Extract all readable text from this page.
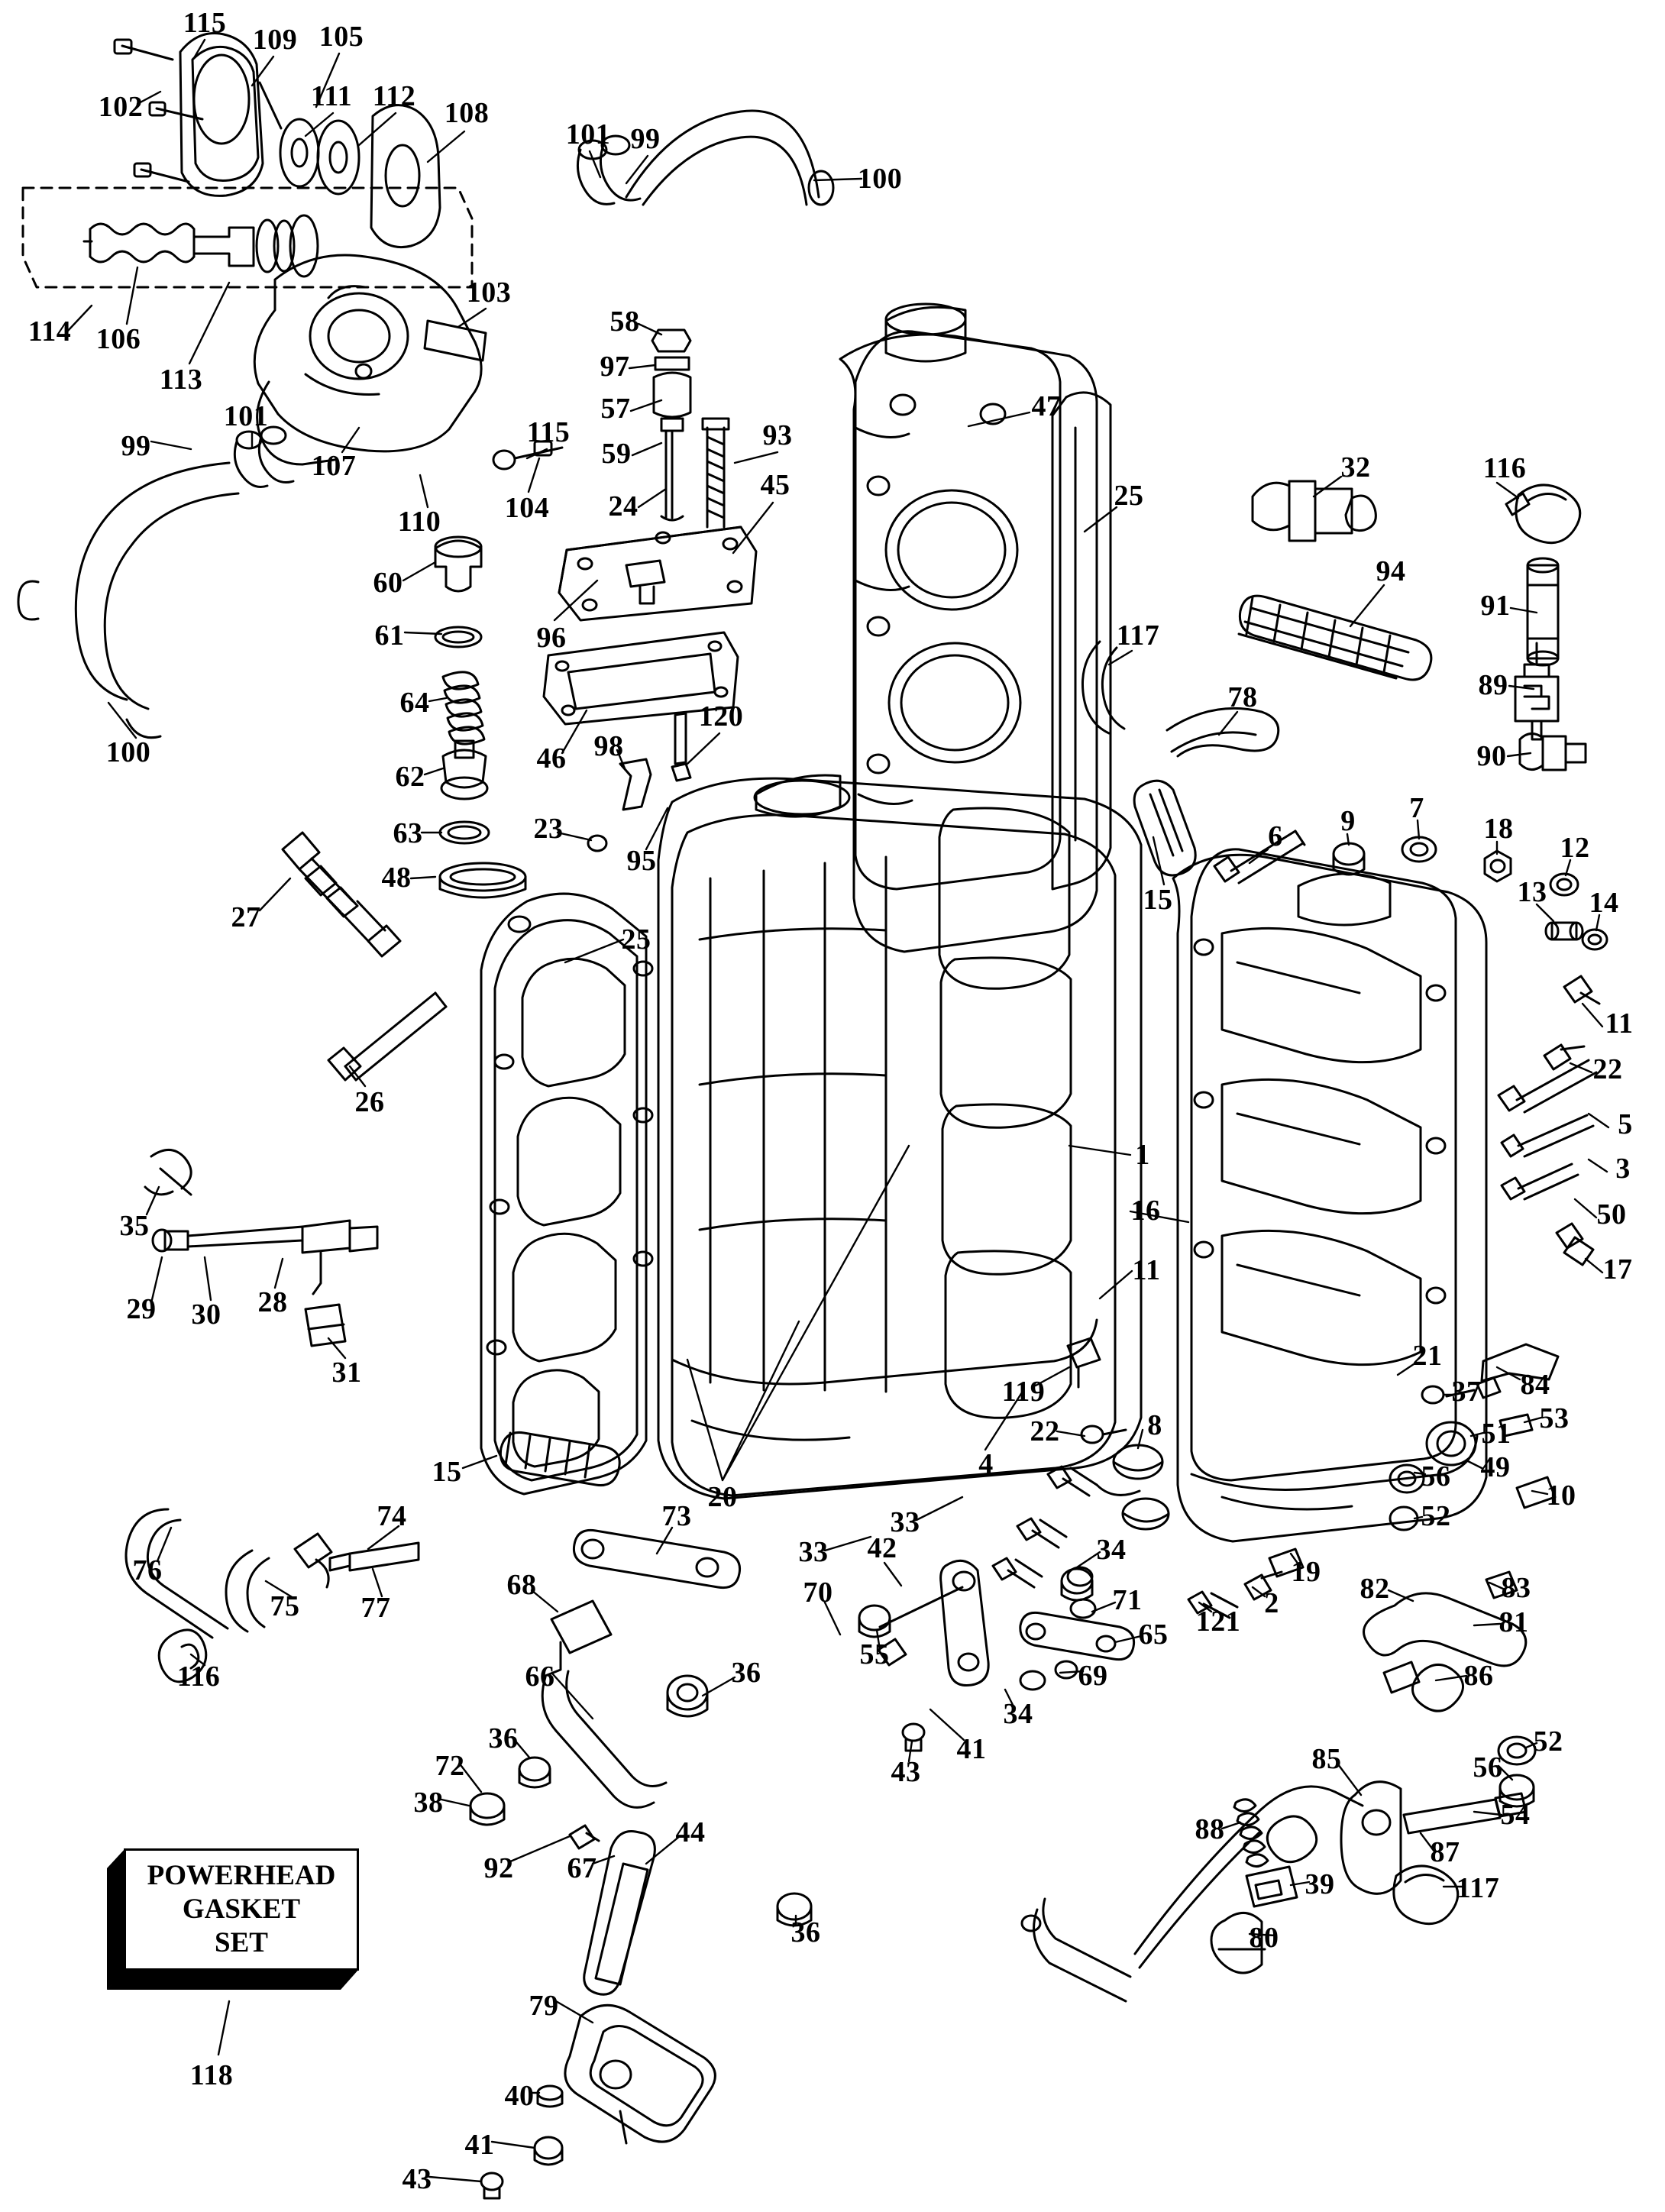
POWERHEAD
GASKET
SET
115
109 105
102	111 112
108
101 99
100
103
114 106
113
115
58
97
57
59
24
93
45
47
25
32	116
94
91
89
90
99
101
107
110 104
100
60
61	96
64
46 98
120
62
63	23
95
117
78
15
6 9 7
18
12
13 14
11
22
5
3
50
17
27
48
25
26
35
29 30 28
31
1
16
11
119
22	8
21
84
37
53
51
49
56
52
10
15
20
4
33
33 42
70
34
71
65 121
2
19
82	83
81
86
52
56
85
54
87
88
39	117
80
76
74
75 77
116
73
68
66	36
36
72
38
92 67
44
36
55
43
41
34
69
79
40
41
43
118
